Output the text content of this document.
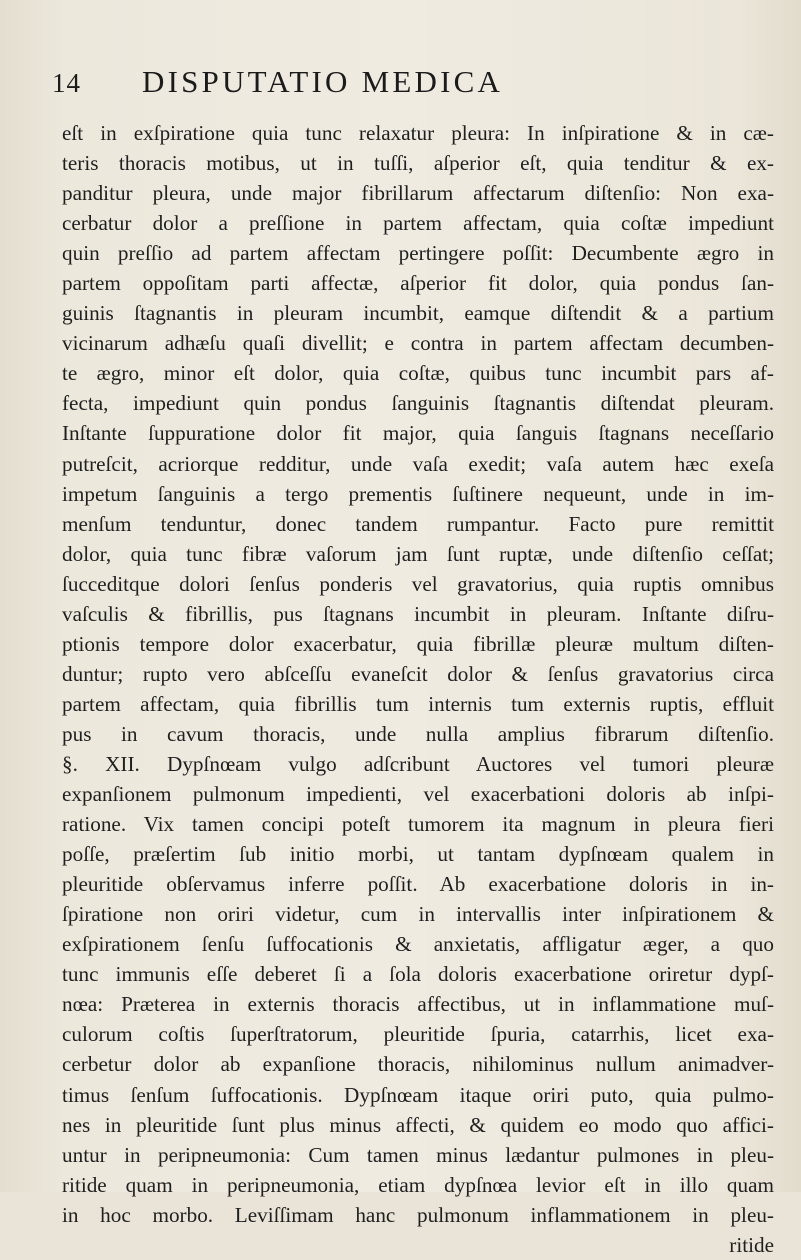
14 DISPUTATIO MEDICA
eſt in exſpiratione quia tunc relaxatur pleura: In inſpiratione & in cæ-
teris thoracis motibus, ut in tuſſi, aſperior eſt, quia tenditur & ex-
panditur pleura, unde major fibrillarum affectarum diſtenſio: Non exa-
cerbatur dolor a preſſione in partem affectam, quia coſtæ impediunt
quin preſſio ad partem affectam pertingere poſſit: Decumbente ægro in
partem oppoſitam parti affectæ, aſperior fit dolor, quia pondus ſan-
guinis ſtagnantis in pleuram incumbit, eamque diſtendit & a partium
vicinarum adhæſu quaſi divellit; e contra in partem affectam decumben-
te ægro, minor eſt dolor, quia coſtæ, quibus tunc incumbit pars af-
fecta, impediunt quin pondus ſanguinis ſtagnantis diſtendat pleuram.
Inſtante ſuppuratione dolor fit major, quia ſanguis ſtagnans neceſſario
putreſcit, acriorque redditur, unde vaſa exedit; vaſa autem hæc exeſa
impetum ſanguinis a tergo prementis ſuſtinere nequeunt, unde in im-
menſum tenduntur, donec tandem rumpantur. Facto pure remittit
dolor, quia tunc fibræ vaſorum jam ſunt ruptæ, unde diſtenſio ceſſat;
ſucceditque dolori ſenſus ponderis vel gravatorius, quia ruptis omnibus
vaſculis & fibrillis, pus ſtagnans incumbit in pleuram. Inſtante diſru-
ptionis tempore dolor exacerbatur, quia fibrillæ pleuræ multum diſten-
duntur; rupto vero abſceſſu evaneſcit dolor & ſenſus gravatorius circa
partem affectam, quia fibrillis tum internis tum externis ruptis, effluit
pus in cavum thoracis, unde nulla amplius fibrarum diſtenſio.
§. XII. Dypſnœam vulgo adſcribunt Auctores vel tumori pleuræ
expanſionem pulmonum impedienti, vel exacerbationi doloris ab inſpi-
ratione. Vix tamen concipi poteſt tumorem ita magnum in pleura fieri
poſſe, præſertim ſub initio morbi, ut tantam dypſnœam qualem in
pleuritide obſervamus inferre poſſit. Ab exacerbatione doloris in in-
ſpiratione non oriri videtur, cum in intervallis inter inſpirationem &
exſpirationem ſenſu ſuffocationis & anxietatis, affligatur æger, a quo
tunc immunis eſſe deberet ſi a ſola doloris exacerbatione oriretur dypſ-
nœa: Præterea in externis thoracis affectibus, ut in inflammatione muſ-
culorum coſtis ſuperſtratorum, pleuritide ſpuria, catarrhis, licet exa-
cerbetur dolor ab expanſione thoracis, nihilominus nullum animadver-
timus ſenſum ſuffocationis. Dypſnœam itaque oriri puto, quia pulmo-
nes in pleuritide ſunt plus minus affecti, & quidem eo modo quo affici-
untur in peripneumonia: Cum tamen minus lædantur pulmones in pleu-
ritide quam in peripneumonia, etiam dypſnœa levior eſt in illo quam
in hoc morbo. Leviſſimam hanc pulmonum inflammationem in pleu-
ritide
